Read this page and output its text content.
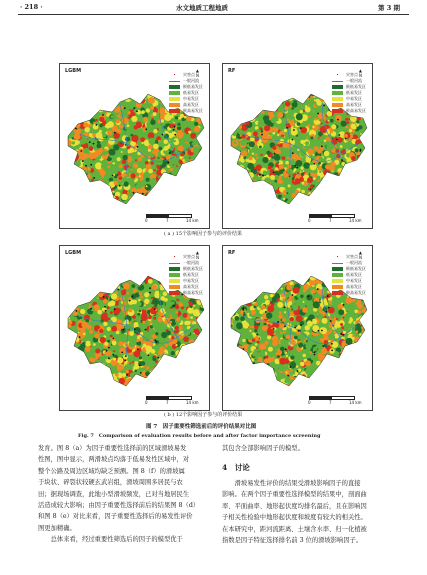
· 218 ·	水文地质工程地质	第 3 期
LGBM
•	灾害点
一般河流
极低易发区
低易发区
中易发区
高易发区
极高易发区
▲
N
0	7	14 km
RF
•	灾害点
一般河流
极低易发区
低易发区
中易发区
高易发区
极高易发区
▲
N
0	7	14 km
( a ) 15个影响因子参与的评价结果
LGBM
•	灾害点
一般河流
极低易发区
低易发区
中易发区
高易发区
极高易发区
▲
N
0	7	14 km
RF
•	灾害点
一般河流
极低易发区
低易发区
中易发区
高易发区
极高易发区
▲
N
0	7	14 km
( b ) 12个影响因子参与的评价结果
图 7　因子重要性筛选前后的评价结果对比图
Fig. 7　Comparison of evaluation results before and after factor importance screening
发育。图 8（a）为因子重要性选择前的区域滑坡易发
性图，图中显示，两滑坡点均落于低易发性区域中，对
整个公路及周边区域均缺乏预测。图 8（f）的滑坡属
于块状、碎裂状较硬玄武岩组，滑坡周围多居民与农
田；据现场调查，此地小型滑坡频发，已对当地居民生
活造成较大影响；由因子重要性选择前后的结果图 8（d）
和图 8（e）对比来看，因子重要性选择后的易发性评价
图更加精确。
　　总体来看，经过重要性筛选后的因子的模型优于
其包含全部影响因子的模型。
4　讨论
　　滑坡易发性评价的结果受滑坡影响因子的直接
影响。在两个因子重要性选择模型的结果中，剖面曲
率、平面曲率、地形起伏度均排名最后，且在影响因
子相关性检验中地形起伏度和坡度有较大的相关性。
在本研究中，距河流距离、土壤含水率、归一化植被
指数是因子特征选择排名前 3 位的滑坡影响因子。
